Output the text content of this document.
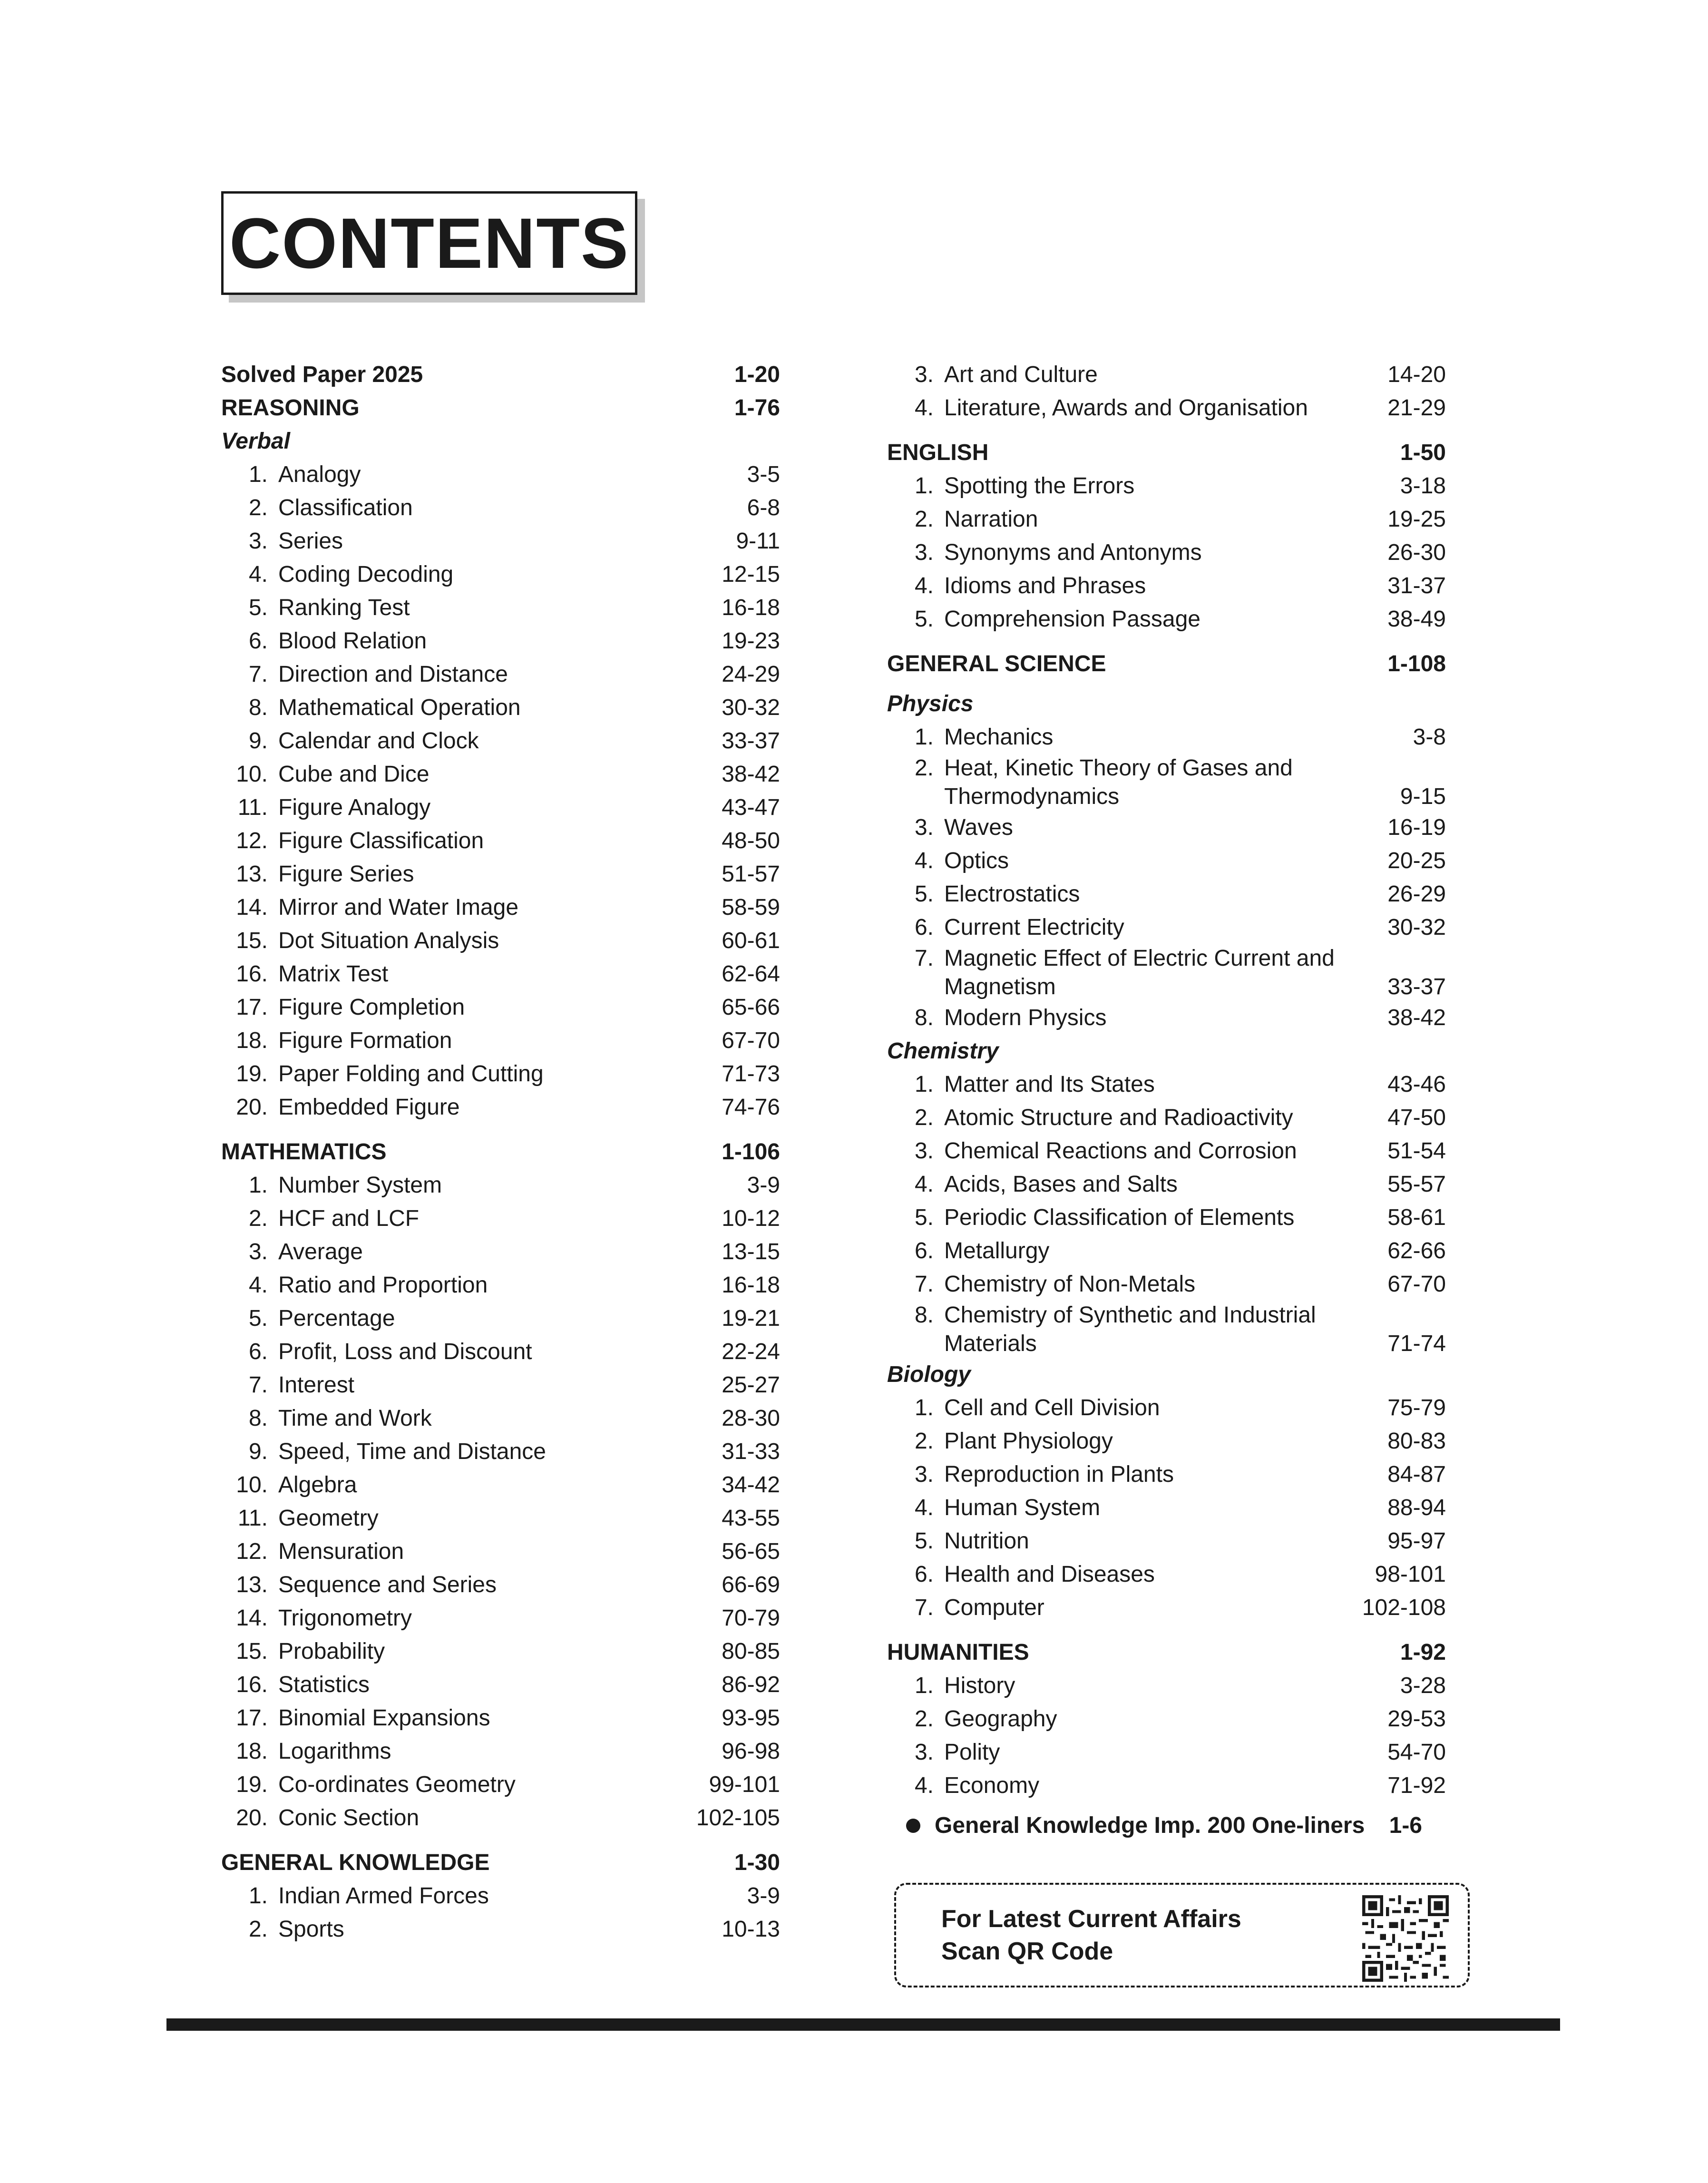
CONTENTS
Solved Paper 2025	1-20
REASONING	1-76
Verbal
1. Analogy	3-5
2. Classification	6-8
3. Series	9-11
4. Coding Decoding	12-15
5. Ranking Test	16-18
6. Blood Relation	19-23
7. Direction and Distance	24-29
8. Mathematical Operation	30-32
9. Calendar and Clock	33-37
10. Cube and Dice	38-42
11. Figure Analogy	43-47
12. Figure Classification	48-50
13. Figure Series	51-57
14. Mirror and Water Image	58-59
15. Dot Situation Analysis	60-61
16. Matrix Test	62-64
17. Figure Completion	65-66
18. Figure Formation	67-70
19. Paper Folding and Cutting	71-73
20. Embedded Figure	74-76
MATHEMATICS	1-106
1. Number System	3-9
2. HCF and LCF	10-12
3. Average	13-15
4. Ratio and Proportion	16-18
5. Percentage	19-21
6. Profit, Loss and Discount	22-24
7. Interest	25-27
8. Time and Work	28-30
9. Speed, Time and Distance	31-33
10. Algebra	34-42
11. Geometry	43-55
12. Mensuration	56-65
13. Sequence and Series	66-69
14. Trigonometry	70-79
15. Probability	80-85
16. Statistics	86-92
17. Binomial Expansions	93-95
18. Logarithms	96-98
19. Co-ordinates Geometry	99-101
20. Conic Section	102-105
GENERAL KNOWLEDGE	1-30
1. Indian Armed Forces	3-9
2. Sports	10-13
3. Art and Culture	14-20
4. Literature, Awards and Organisation	21-29
ENGLISH	1-50
1. Spotting the Errors	3-18
2. Narration	19-25
3. Synonyms and Antonyms	26-30
4. Idioms and Phrases	31-37
5. Comprehension Passage	38-49
GENERAL SCIENCE	1-108
Physics
1. Mechanics	3-8
2. Heat, Kinetic Theory of Gases and
Thermodynamics	9-15
3. Waves	16-19
4. Optics	20-25
5. Electrostatics	26-29
6. Current Electricity	30-32
7. Magnetic Effect of Electric Current and
Magnetism	33-37
8. Modern Physics	38-42
Chemistry
1. Matter and Its States	43-46
2. Atomic Structure and Radioactivity	47-50
3. Chemical Reactions and Corrosion	51-54
4. Acids, Bases and Salts	55-57
5. Periodic Classification of Elements	58-61
6. Metallurgy	62-66
7. Chemistry of Non-Metals	67-70
8. Chemistry of Synthetic and Industrial
Materials	71-74
Biology
1. Cell and Cell Division	75-79
2. Plant Physiology	80-83
3. Reproduction in Plants	84-87
4. Human System	88-94
5. Nutrition	95-97
6. Health and Diseases	98-101
7. Computer	102-108
HUMANITIES	1-92
1. History	3-28
2. Geography	29-53
3. Polity	54-70
4. Economy	71-92
General Knowledge Imp. 200 One-liners 1-6
For Latest Current Affairs
Scan QR Code
